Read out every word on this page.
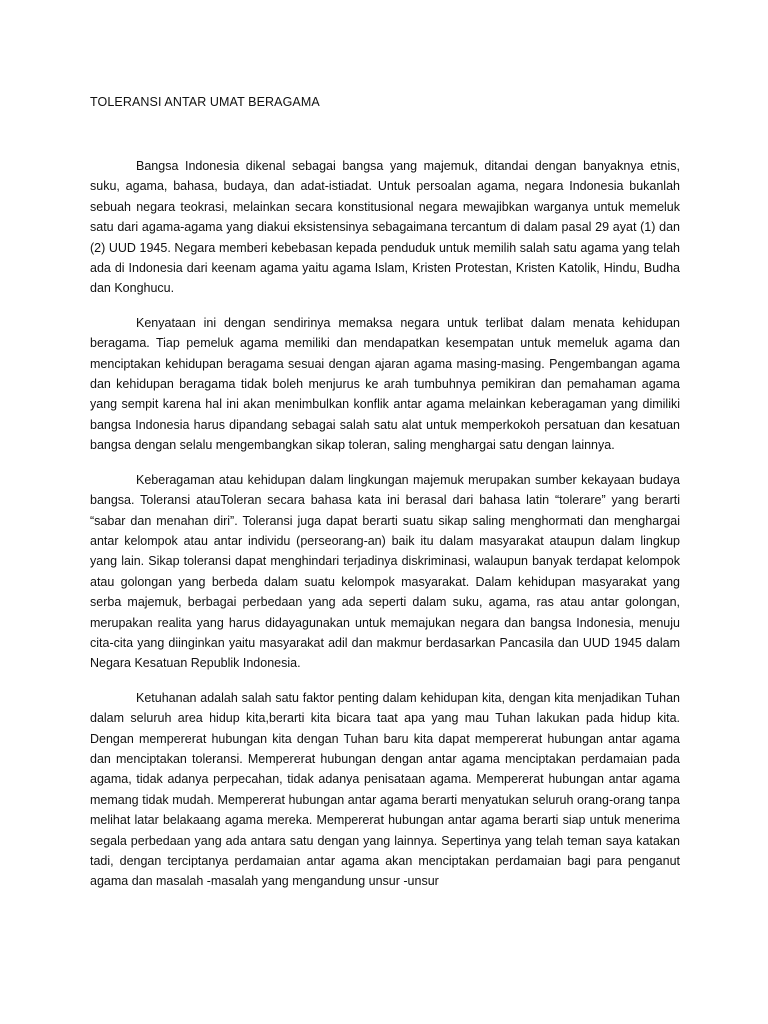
TOLERANSI ANTAR UMAT BERAGAMA

Bangsa Indonesia dikenal sebagai bangsa yang majemuk, ditandai dengan banyaknya etnis, suku, agama, bahasa, budaya, dan adat-istiadat. Untuk persoalan agama, negara Indonesia bukanlah sebuah negara teokrasi, melainkan secara konstitusional negara mewajibkan warganya untuk memeluk satu dari agama-agama yang diakui eksistensinya sebagaimana tercantum di dalam pasal 29 ayat (1) dan (2) UUD 1945. Negara memberi kebebasan kepada penduduk untuk memilih salah satu agama yang telah ada di Indonesia dari keenam agama yaitu agama Islam, Kristen Protestan, Kristen Katolik, Hindu, Budha dan Konghucu.

Kenyataan ini dengan sendirinya memaksa negara untuk terlibat dalam menata kehidupan beragama. Tiap pemeluk agama memiliki dan mendapatkan kesempatan untuk memeluk agama dan menciptakan kehidupan beragama sesuai dengan ajaran agama masing-masing. Pengembangan agama dan kehidupan beragama tidak boleh menjurus ke arah tumbuhnya pemikiran dan pemahaman agama yang sempit karena hal ini akan menimbulkan konflik antar agama melainkan keberagaman yang dimiliki bangsa Indonesia harus dipandang sebagai salah satu alat untuk memperkokoh persatuan dan kesatuan bangsa dengan selalu mengembangkan sikap toleran, saling menghargai satu dengan lainnya.

Keberagaman atau kehidupan dalam lingkungan majemuk merupakan sumber kekayaan budaya bangsa. Toleransi atauToleran secara bahasa kata ini berasal dari bahasa latin “tolerare” yang berarti “sabar dan menahan diri”. Toleransi juga dapat berarti suatu sikap saling menghormati dan menghargai antar kelompok atau antar individu (perseorang-an) baik itu dalam masyarakat ataupun dalam lingkup yang lain. Sikap toleransi dapat menghindari terjadinya diskriminasi, walaupun banyak terdapat kelompok atau golongan yang berbeda dalam suatu kelompok masyarakat. Dalam kehidupan masyarakat yang serba majemuk, berbagai perbedaan yang ada seperti dalam suku, agama, ras atau antar golongan, merupakan realita yang harus didayagunakan untuk memajukan negara dan bangsa Indonesia, menuju cita-cita yang diinginkan yaitu masyarakat adil dan makmur berdasarkan Pancasila dan UUD 1945 dalam Negara Kesatuan Republik Indonesia.

Ketuhanan adalah salah satu faktor penting dalam kehidupan kita, dengan kita menjadikan Tuhan dalam seluruh area hidup kita,berarti kita bicara taat apa yang mau Tuhan lakukan pada hidup kita. Dengan mempererat hubungan kita dengan Tuhan baru kita dapat mempererat hubungan antar agama dan menciptakan toleransi. Mempererat hubungan dengan antar agama menciptakan perdamaian pada agama, tidak adanya perpecahan, tidak adanya penisataan agama. Mempererat hubungan antar agama memang tidak mudah. Mempererat hubungan antar agama berarti menyatukan seluruh orang-orang tanpa melihat latar belakaang agama mereka. Mempererat hubungan antar agama berarti siap untuk menerima segala perbedaan yang ada antara satu dengan yang lainnya. Sepertinya yang telah teman saya katakan tadi, dengan terciptanya perdamaian antar agama akan menciptakan perdamaian bagi para penganut agama dan masalah -masalah yang mengandung unsur -unsur
